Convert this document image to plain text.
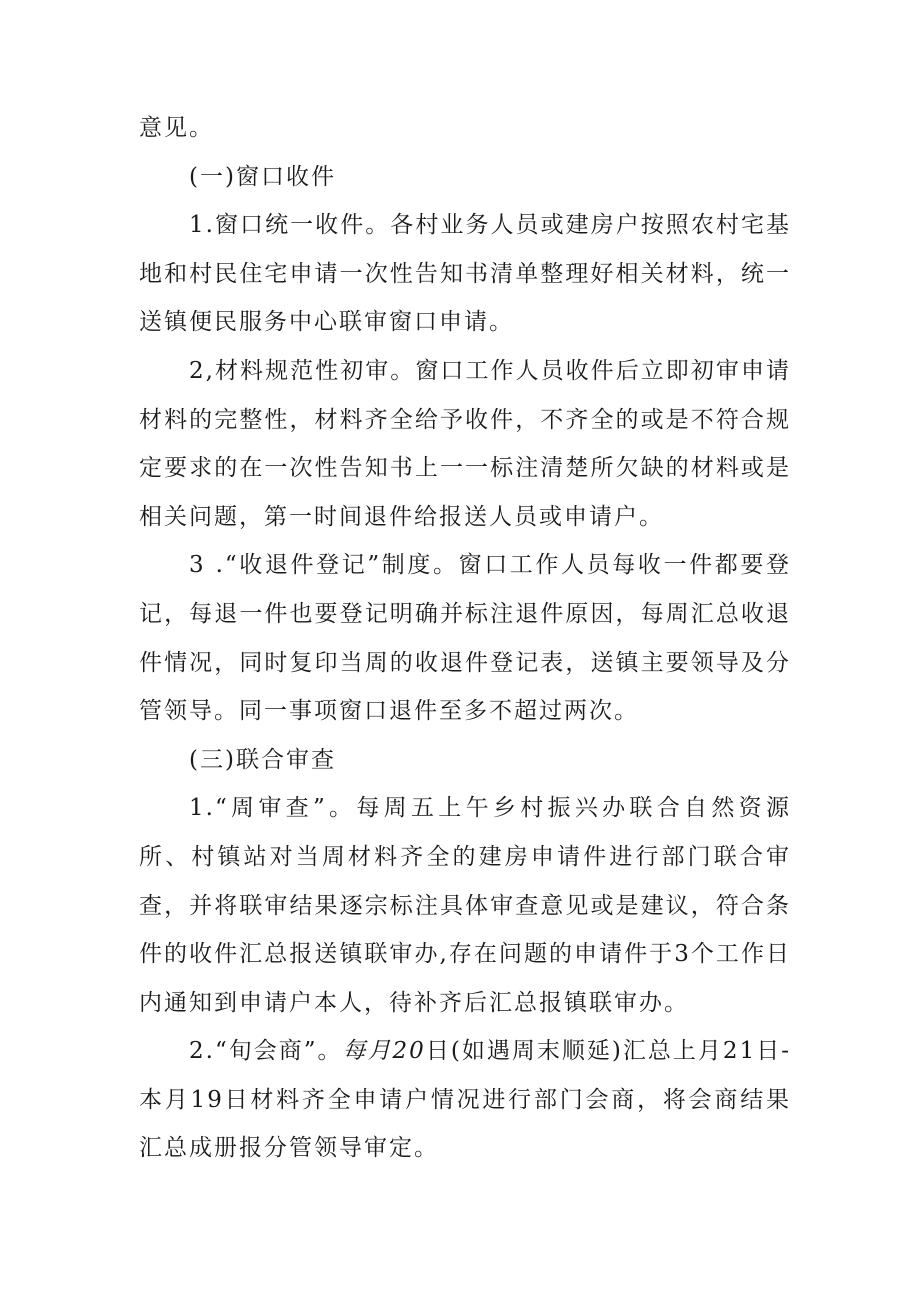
意见。

(一)窗口收件

1.窗口统一收件。各村业务人员或建房户按照农村宅基地和村民住宅申请一次性告知书清单整理好相关材料，统一送镇便民服务中心联审窗口申请。

2,材料规范性初审。窗口工作人员收件后立即初审申请材料的完整性，材料齐全给予收件，不齐全的或是不符合规定要求的在一次性告知书上一一标注清楚所欠缺的材料或是相关问题，第一时间退件给报送人员或申请户。

3 .“收退件登记”制度。窗口工作人员每收一件都要登记，每退一件也要登记明确并标注退件原因，每周汇总收退件情况，同时复印当周的收退件登记表，送镇主要领导及分管领导。同一事项窗口退件至多不超过两次。

(三)联合审查

1.“周审查”。每周五上午乡村振兴办联合自然资源所、村镇站对当周材料齐全的建房申请件进行部门联合审查，并将联审结果逐宗标注具体审查意见或是建议，符合条件的收件汇总报送镇联审办,存在问题的申请件于3个工作日内通知到申请户本人，待补齐后汇总报镇联审办。

2.“旬会商”。每月20日(如遇周末顺延)汇总上月21日-本月19日材料齐全申请户情况进行部门会商，将会商结果汇总成册报分管领导审定。
